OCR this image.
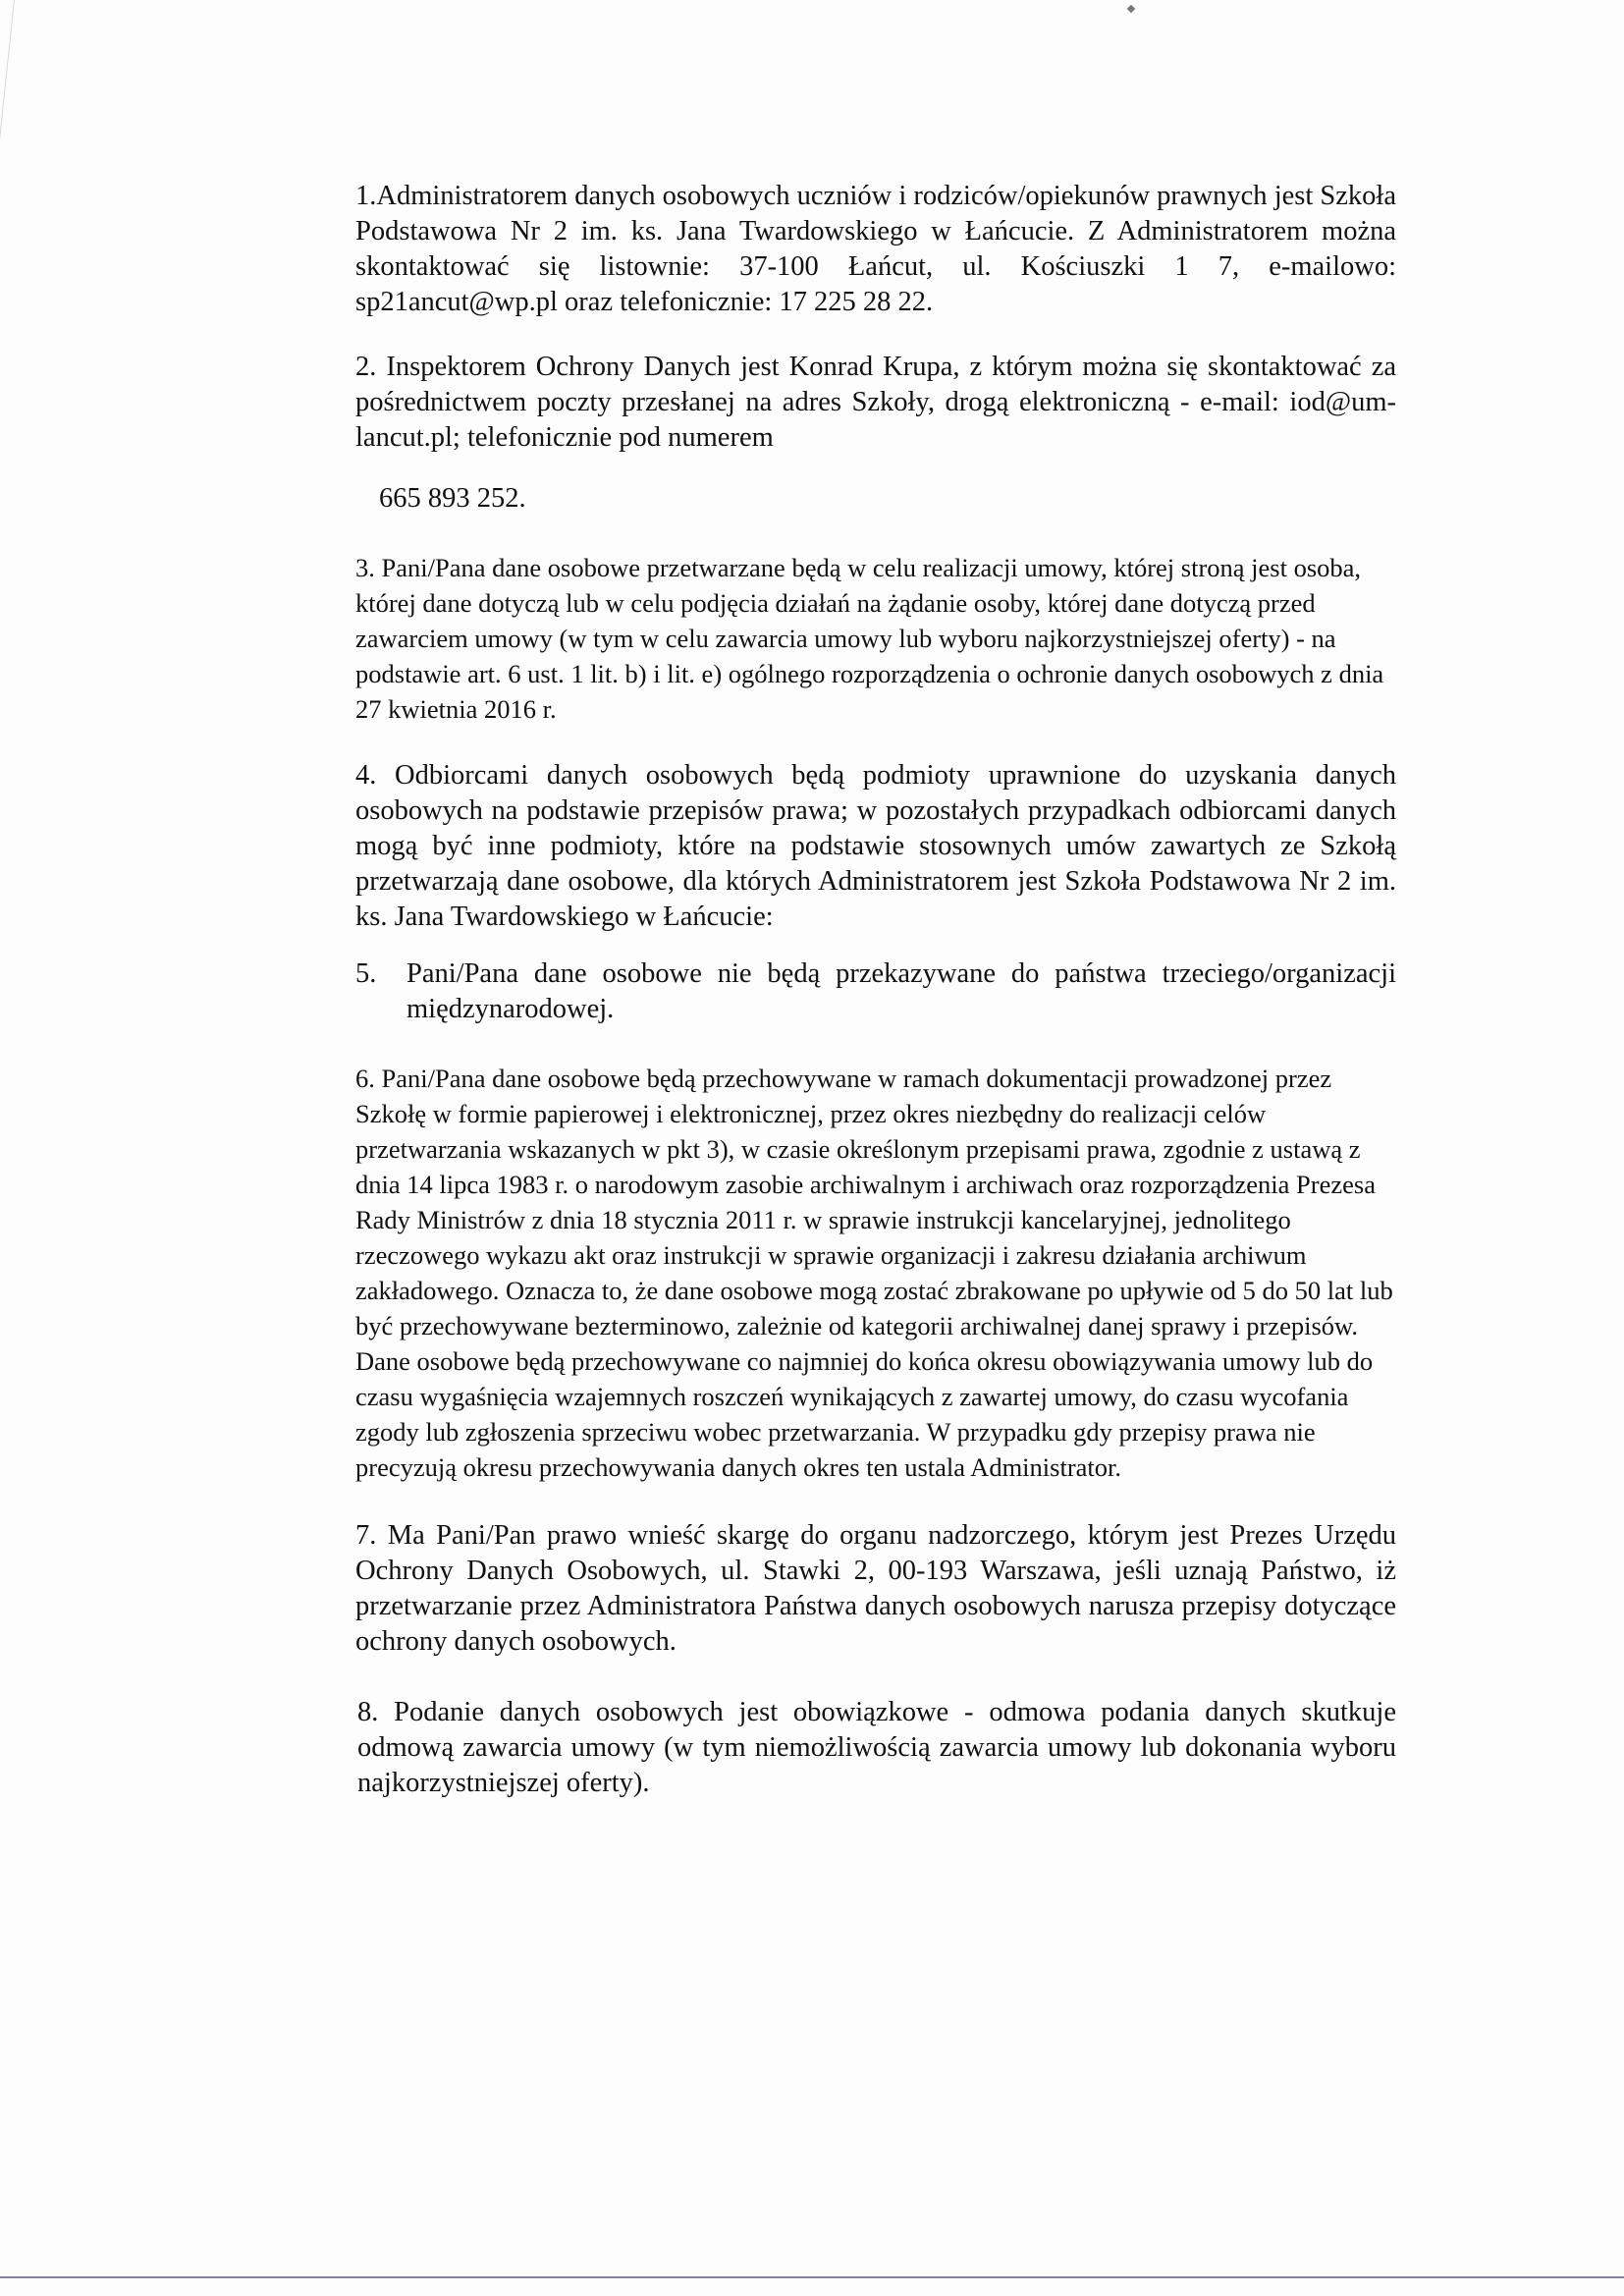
1.Administratorem danych osobowych uczniów i rodziców/opiekunów prawnych jest Szkoła Podstawowa Nr 2 im. ks. Jana Twardowskiego w Łańcucie. Z Administratorem można skontaktować się listownie: 37-100 Łańcut, ul. Kościuszki 1 7, e-mailowo: sp21ancut@wp.pl oraz telefonicznie: 17 225 28 22.

2. Inspektorem Ochrony Danych jest Konrad Krupa, z którym można się skontaktować za pośrednictwem poczty przesłanej na adres Szkoły, drogą elektroniczną - e-mail: iod@um-lancut.pl; telefonicznie pod numerem

665 893 252.

3. Pani/Pana dane osobowe przetwarzane będą w celu realizacji umowy, której stroną jest osoba, której dane dotyczą lub w celu podjęcia działań na żądanie osoby, której dane dotyczą przed zawarciem umowy (w tym w celu zawarcia umowy lub wyboru najkorzystniejszej oferty) - na podstawie art. 6 ust. 1 lit. b) i lit. e) ogólnego rozporządzenia o ochronie danych osobowych z dnia 27 kwietnia 2016 r.

4. Odbiorcami danych osobowych będą podmioty uprawnione do uzyskania danych osobowych na podstawie przepisów prawa; w pozostałych przypadkach odbiorcami danych mogą być inne podmioty, które na podstawie stosownych umów zawartych ze Szkołą przetwarzają dane osobowe, dla których Administratorem jest Szkoła Podstawowa Nr 2 im. ks. Jana Twardowskiego w Łańcucie:

5. Pani/Pana dane osobowe nie będą przekazywane do państwa trzeciego/organizacji międzynarodowej.

6. Pani/Pana dane osobowe będą przechowywane w ramach dokumentacji prowadzonej przez Szkołę w formie papierowej i elektronicznej, przez okres niezbędny do realizacji celów przetwarzania wskazanych w pkt 3), w czasie określonym przepisami prawa, zgodnie z ustawą z dnia 14 lipca 1983 r. o narodowym zasobie archiwalnym i archiwach oraz rozporządzenia Prezesa Rady Ministrów z dnia 18 stycznia 2011 r. w sprawie instrukcji kancelaryjnej, jednolitego rzeczowego wykazu akt oraz instrukcji w sprawie organizacji i zakresu działania archiwum zakładowego. Oznacza to, że dane osobowe mogą zostać zbrakowane po upływie od 5 do 50 lat lub być przechowywane bezterminowo, zależnie od kategorii archiwalnej danej sprawy i przepisów. Dane osobowe będą przechowywane co najmniej do końca okresu obowiązywania umowy lub do czasu wygaśnięcia wzajemnych roszczeń wynikających z zawartej umowy, do czasu wycofania zgody lub zgłoszenia sprzeciwu wobec przetwarzania. W przypadku gdy przepisy prawa nie precyzują okresu przechowywania danych okres ten ustala Administrator.

7. Ma Pani/Pan prawo wnieść skargę do organu nadzorczego, którym jest Prezes Urzędu Ochrony Danych Osobowych, ul. Stawki 2, 00-193 Warszawa, jeśli uznają Państwo, iż przetwarzanie przez Administratora Państwa danych osobowych narusza przepisy dotyczące ochrony danych osobowych.

8. Podanie danych osobowych jest obowiązkowe - odmowa podania danych skutkuje odmową zawarcia umowy (w tym niemożliwością zawarcia umowy lub dokonania wyboru najkorzystniejszej oferty).
